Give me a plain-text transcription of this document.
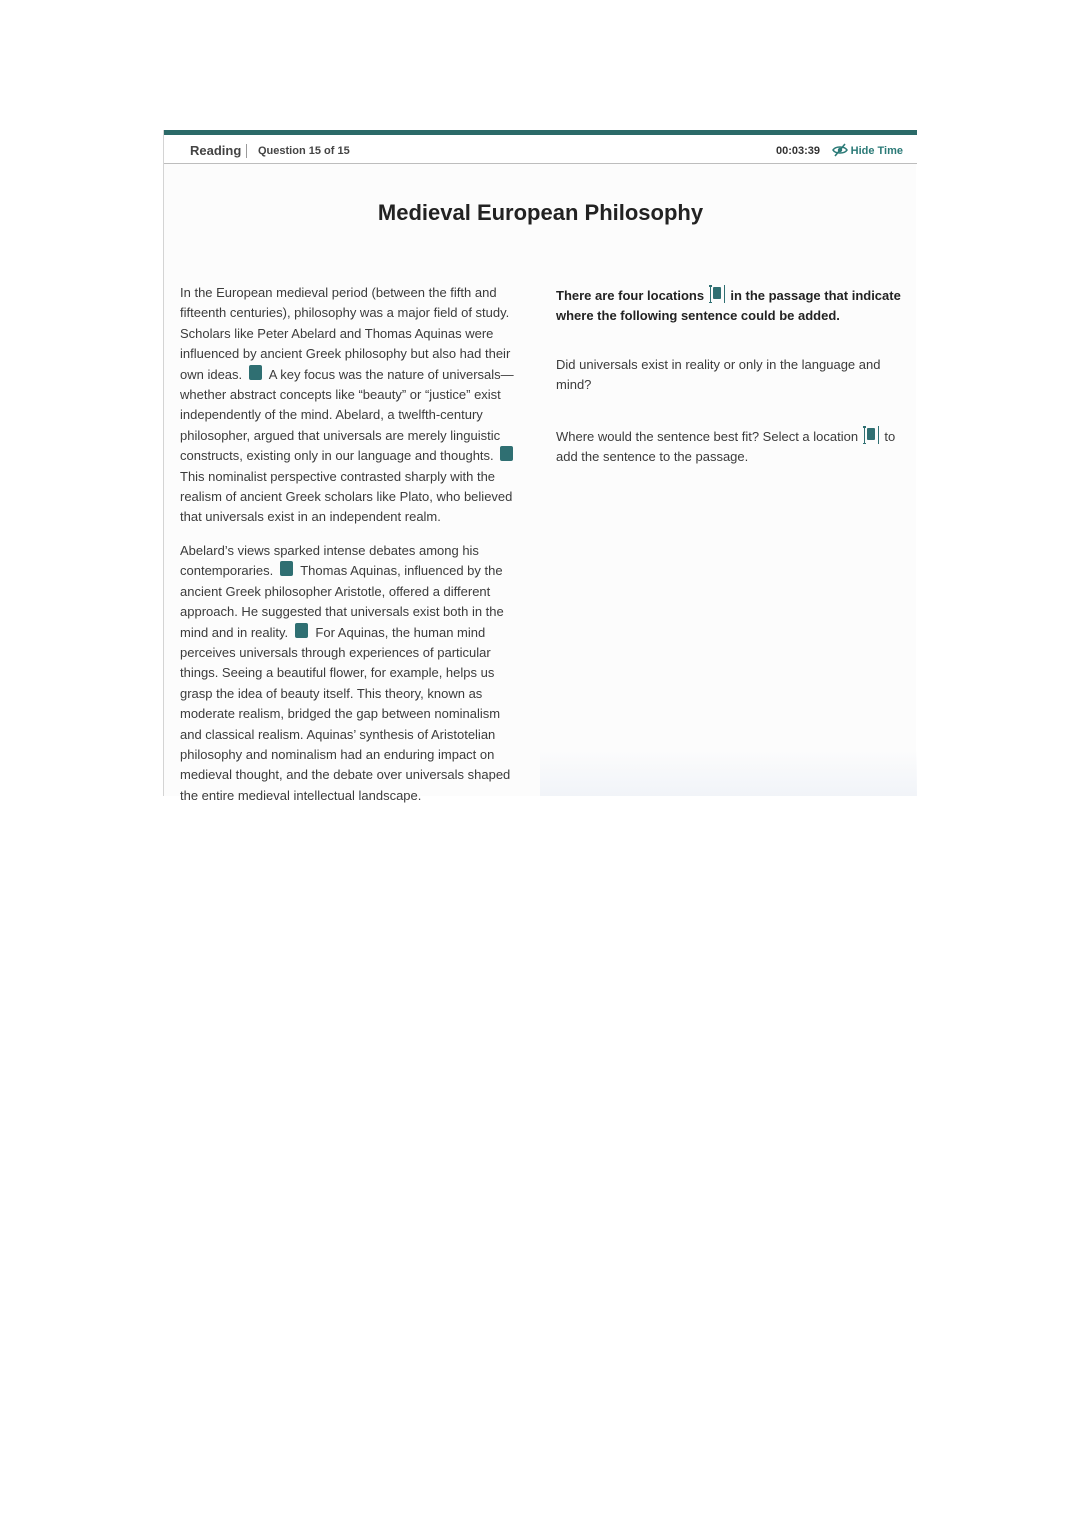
Reading Question 15 of 15	00:03:39	Hide Time
Medieval European Philosophy

In the European medieval period (between the fifth and fifteenth centuries), philosophy was a major field of study. Scholars like Peter Abelard and Thomas Aquinas were influenced by ancient Greek philosophy but also had their own ideas. A key focus was the nature of universals—whether abstract concepts like “beauty” or “justice” exist independently of the mind. Abelard, a twelfth-century philosopher, argued that universals are merely linguistic constructs, existing only in our language and thoughts.  This nominalist perspective contrasted sharply with the realism of ancient Greek scholars like Plato, who believed that universals exist in an independent realm.

Abelard’s views sparked intense debates among his contemporaries. Thomas Aquinas, influenced by the ancient Greek philosopher Aristotle, offered a different approach. He suggested that universals exist both in the mind and in reality. For Aquinas, the human mind perceives universals through experiences of particular things. Seeing a beautiful flower, for example, helps us grasp the idea of beauty itself. This theory, known as moderate realism, bridged the gap between nominalism and classical realism. Aquinas’ synthesis of Aristotelian philosophy and nominalism had an enduring impact on medieval thought, and the debate over universals shaped the entire medieval intellectual landscape.

There are four locations in the passage that indicate where the following sentence could be added.

Did universals exist in reality or only in the language and mind?

Where would the sentence best fit? Select a location to add the sentence to the passage.
